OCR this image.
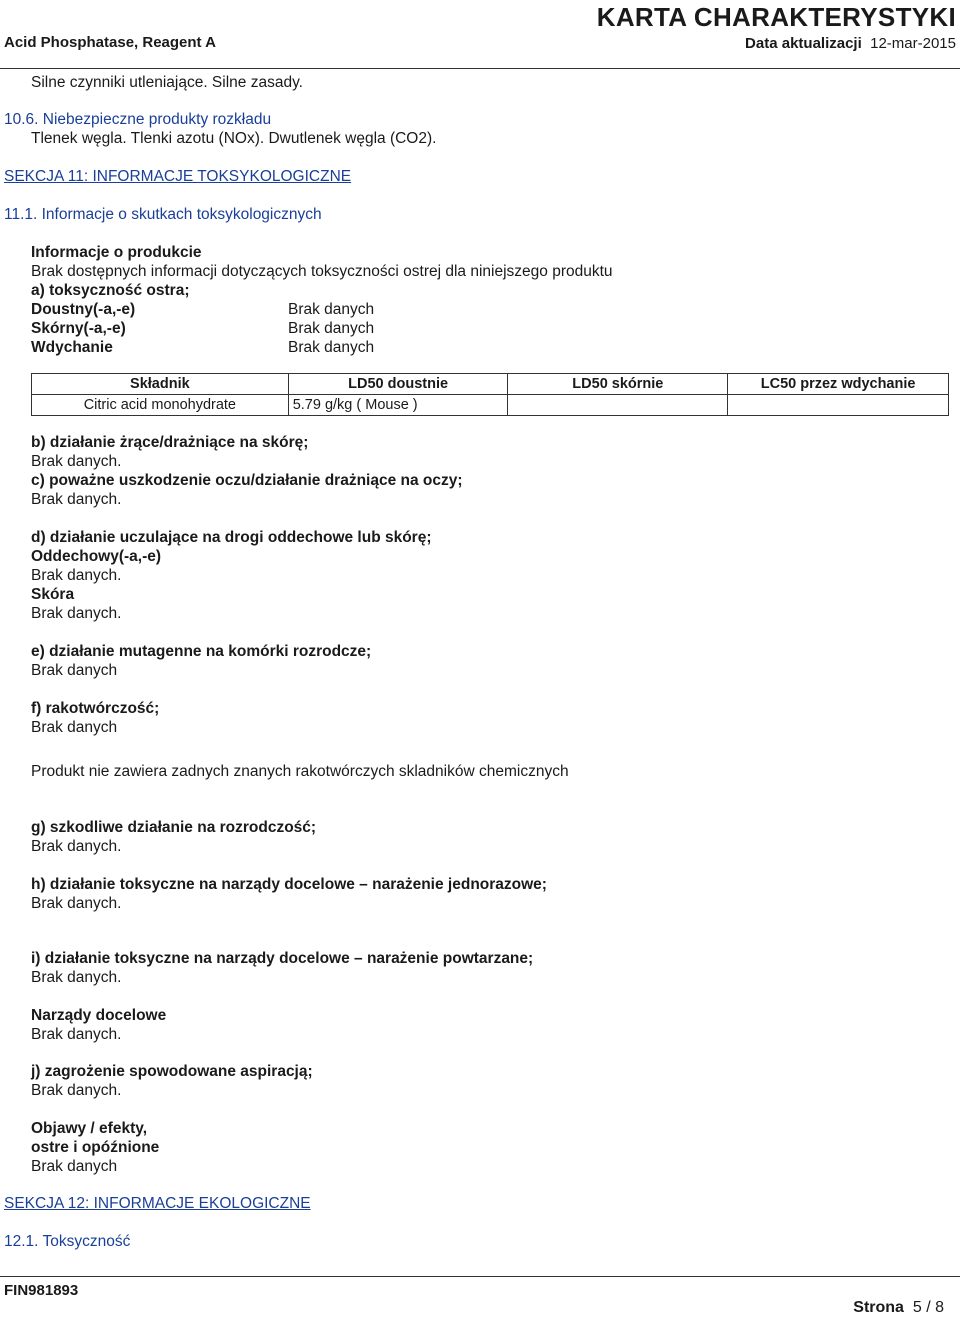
KARTA CHARAKTERYSTYKI
Acid Phosphatase, Reagent A	Data aktualizacji 12-mar-2015
Silne czynniki utleniające. Silne zasady.
10.6. Niebezpieczne produkty rozkładu
Tlenek węgla. Tlenki azotu (NOx). Dwutlenek węgla (CO2).
SEKCJA 11: INFORMACJE TOKSYKOLOGICZNE
11.1. Informacje o skutkach toksykologicznych
Informacje o produkcie
Brak dostępnych informacji dotyczących toksyczności ostrej dla niniejszego produktu
a) toksyczność ostra;
Doustny(-a,-e)	Brak danych
Skórny(-a,-e)	Brak danych
Wdychanie	Brak danych
Składnik	LD50 doustnie	LD50 skórnie	LC50 przez wdychanie
Citric acid monohydrate	5.79 g/kg ( Mouse )		
b) działanie żrące/drażniące na skórę;
Brak danych.
c) poważne uszkodzenie oczu/działanie drażniące na oczy;
Brak danych.
d) działanie uczulające na drogi oddechowe lub skórę;
Oddechowy(-a,-e)
Brak danych.
Skóra
Brak danych.
e) działanie mutagenne na komórki rozrodcze;
Brak danych
f) rakotwórczość;
Brak danych
Produkt nie zawiera zadnych znanych rakotwórczych skladników chemicznych
g) szkodliwe działanie na rozrodczość;
Brak danych.
h) działanie toksyczne na narządy docelowe – narażenie jednorazowe;
Brak danych.
i) działanie toksyczne na narządy docelowe – narażenie powtarzane;
Brak danych.
Narządy docelowe
Brak danych.
j) zagrożenie spowodowane aspiracją;
Brak danych.
Objawy / efekty,
ostre i opóźnione
Brak danych
SEKCJA 12: INFORMACJE EKOLOGICZNE
12.1. Toksyczność
FIN981893
Strona 5 / 8
